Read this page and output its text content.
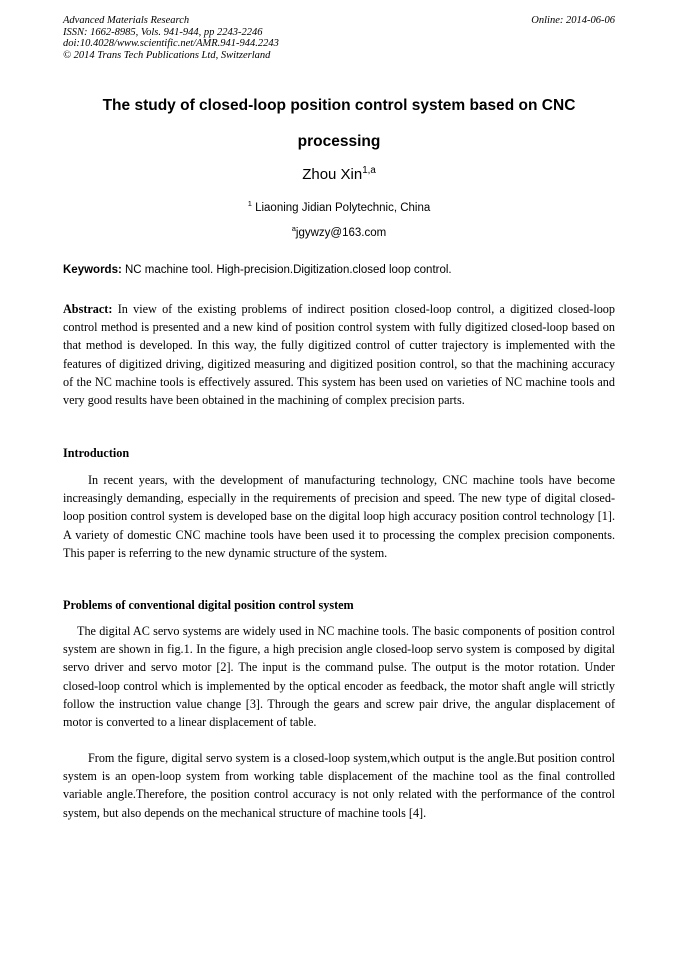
Advanced Materials Research
ISSN: 1662-8985, Vols. 941-944, pp 2243-2246
doi:10.4028/www.scientific.net/AMR.941-944.2243
© 2014 Trans Tech Publications Ltd, Switzerland
Online: 2014-06-06
The study of closed-loop position control system based on CNC
processing
Zhou Xin$^{1,a}$
$^1$ Liaoning Jidian Polytechnic, China
$^a$jgywzy@163.com
Keywords: NC machine tool. High-precision.Digitization.closed loop control.

Abstract: In view of the existing problems of indirect position closed-loop control, a digitized closed-loop control method is presented and a new kind of position control system with fully digitized closed-loop based on that method is developed. In this way, the fully digitized control of cutter trajectory is implemented with the features of digitized driving, digitized measuring and digitized position control, so that the machining accuracy of the NC machine tools is effectively assured. This system has been used on varieties of NC machine tools and very good results have been obtained in the machining of complex precision parts.

Introduction

In recent years, with the development of manufacturing technology, CNC machine tools have become increasingly demanding, especially in the requirements of precision and speed. The new type of digital closed-loop position control system is developed base on the digital loop high accuracy position control technology [1]. A variety of domestic CNC machine tools have been used it to processing the complex precision components. This paper is referring to the new dynamic structure of the system.

Problems of conventional digital position control system

The digital AC servo systems are widely used in NC machine tools. The basic components of position control system are shown in fig.1. In the figure, a high precision angle closed-loop servo system is composed by digital servo driver and servo motor [2]. The input is the command pulse. The output is the motor rotation. Under closed-loop control which is implemented by the optical encoder as feedback, the motor shaft angle will strictly follow the instruction value change [3]. Through the gears and screw pair drive, the angular displacement of motor is converted to a linear displacement of table.

From the figure, digital servo system is a closed-loop system,which output is the angle.But position control system is an open-loop system from working table displacement of the machine tool as the final controlled variable angle.Therefore, the position control accuracy is not only related with the performance of the control system, but also depends on the mechanical structure of machine tools [4].
